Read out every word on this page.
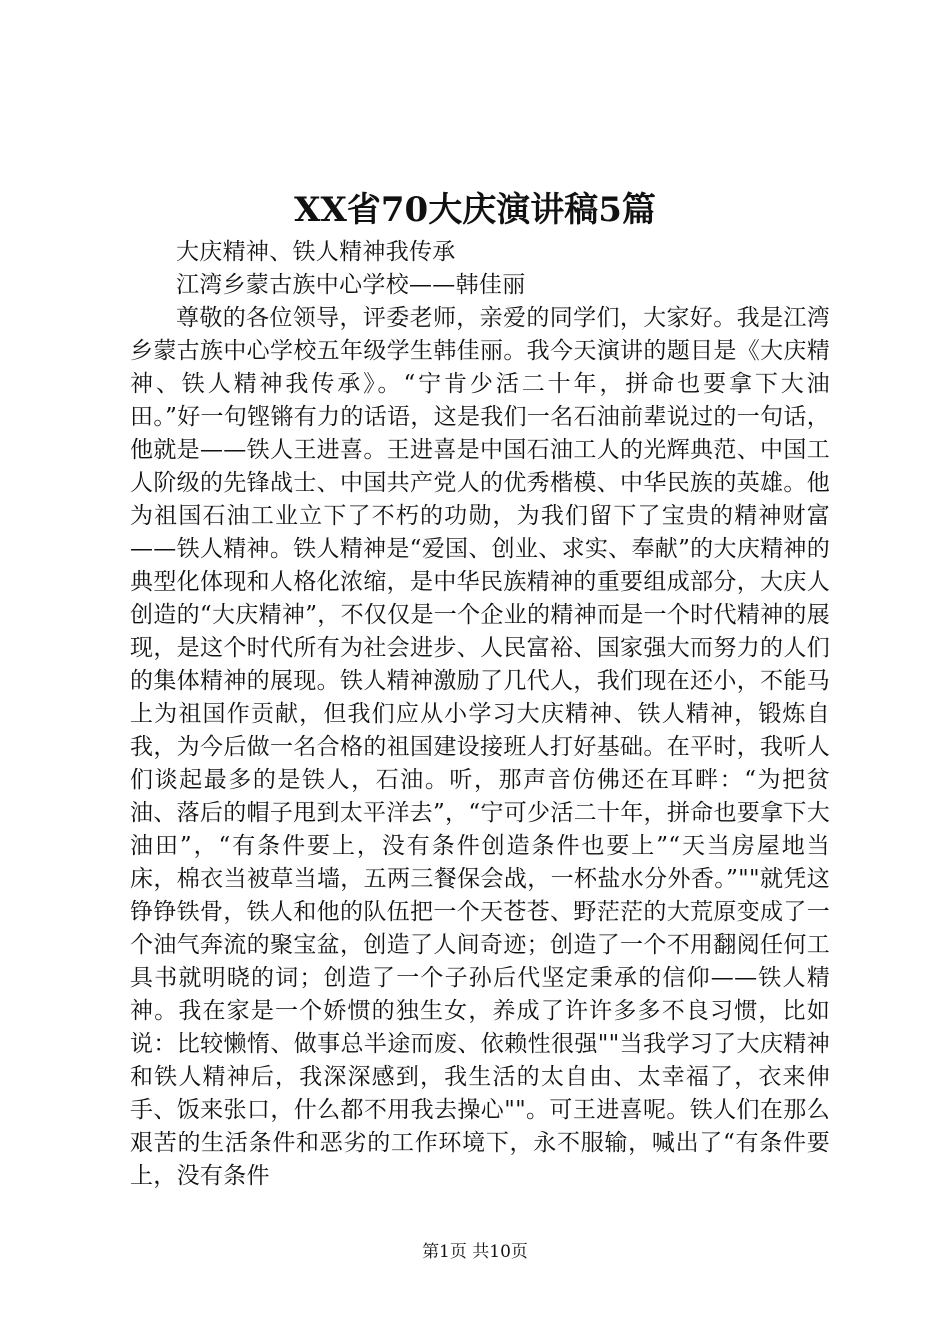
XX省70大庆演讲稿5篇

大庆精神、铁人精神我传承

江湾乡蒙古族中心学校——韩佳丽

尊敬的各位领导，评委老师，亲爱的同学们，大家好。我是江湾乡蒙古族中心学校五年级学生韩佳丽。我今天演讲的题目是《大庆精神、铁人精神我传承》。“宁肯少活二十年，拼命也要拿下大油田。”好一句铿锵有力的话语，这是我们一名石油前辈说过的一句话，他就是——铁人王进喜。王进喜是中国石油工人的光辉典范、中国工人阶级的先锋战士、中国共产党人的优秀楷模、中华民族的英雄。他为祖国石油工业立下了不朽的功勋，为我们留下了宝贵的精神财富——铁人精神。铁人精神是“爱国、创业、求实、奉献”的大庆精神的典型化体现和人格化浓缩，是中华民族精神的重要组成部分，大庆人创造的“大庆精神”，不仅仅是一个企业的精神而是一个时代精神的展现，是这个时代所有为社会进步、人民富裕、国家强大而努力的人们的集体精神的展现。铁人精神激励了几代人，我们现在还小，不能马上为祖国作贡献，但我们应从小学习大庆精神、铁人精神，锻炼自我，为今后做一名合格的祖国建设接班人打好基础。在平时，我听人们谈起最多的是铁人，石油。听，那声音仿佛还在耳畔：“为把贫油、落后的帽子甩到太平洋去”，“宁可少活二十年，拼命也要拿下大油田”，“有条件要上，没有条件创造条件也要上”“天当房屋地当床，棉衣当被草当墙，五两三餐保会战，一杯盐水分外香。”""就凭这铮铮铁骨，铁人和他的队伍把一个天苍苍、野茫茫的大荒原变成了一个油气奔流的聚宝盆，创造了人间奇迹；创造了一个不用翻阅任何工具书就明晓的词；创造了一个子孙后代坚定秉承的信仰——铁人精神。我在家是一个娇惯的独生女，养成了许许多多不良习惯，比如说：比较懒惰、做事总半途而废、依赖性很强""当我学习了大庆精神和铁人精神后，我深深感到，我生活的太自由、太幸福了，衣来伸手、饭来张口，什么都不用我去操心""。可王进喜呢。铁人们在那么艰苦的生活条件和恶劣的工作环境下，永不服输，喊出了“有条件要上，没有条件

第1页 共10页
